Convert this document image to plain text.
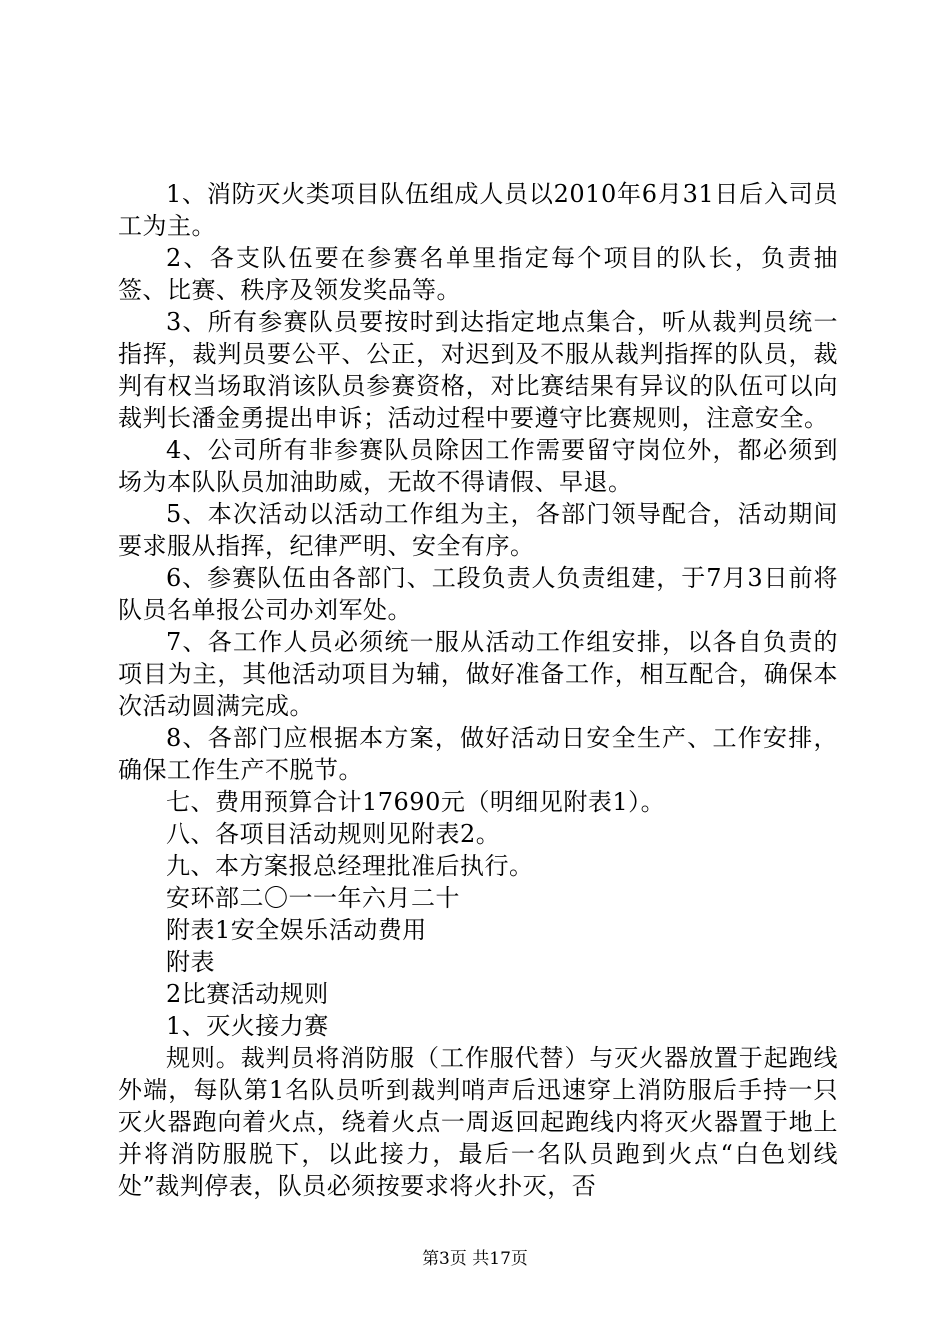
1、消防灭火类项目队伍组成人员以2010年6月31日后入司员工为主。

2、各支队伍要在参赛名单里指定每个项目的队长，负责抽签、比赛、秩序及领发奖品等。

3、所有参赛队员要按时到达指定地点集合，听从裁判员统一指挥，裁判员要公平、公正，对迟到及不服从裁判指挥的队员，裁判有权当场取消该队员参赛资格，对比赛结果有异议的队伍可以向裁判长潘金勇提出申诉；活动过程中要遵守比赛规则，注意安全。

4、公司所有非参赛队员除因工作需要留守岗位外，都必须到场为本队队员加油助威，无故不得请假、早退。

5、本次活动以活动工作组为主，各部门领导配合，活动期间要求服从指挥，纪律严明、安全有序。

6、参赛队伍由各部门、工段负责人负责组建，于7月3日前将队员名单报公司办刘军处。

7、各工作人员必须统一服从活动工作组安排，以各自负责的项目为主，其他活动项目为辅，做好准备工作，相互配合，确保本次活动圆满完成。

8、各部门应根据本方案，做好活动日安全生产、工作安排，确保工作生产不脱节。

七、费用预算合计17690元（明细见附表1）。

八、各项目活动规则见附表2。

九、本方案报总经理批准后执行。

安环部二〇一一年六月二十

附表1安全娱乐活动费用

附表

2比赛活动规则

1、灭火接力赛

规则。裁判员将消防服（工作服代替）与灭火器放置于起跑线外端，每队第1名队员听到裁判哨声后迅速穿上消防服后手持一只灭火器跑向着火点，绕着火点一周返回起跑线内将灭火器置于地上并将消防服脱下，以此接力，最后一名队员跑到火点“白色划线处”裁判停表，队员必须按要求将火扑灭，否

第3页 共17页
